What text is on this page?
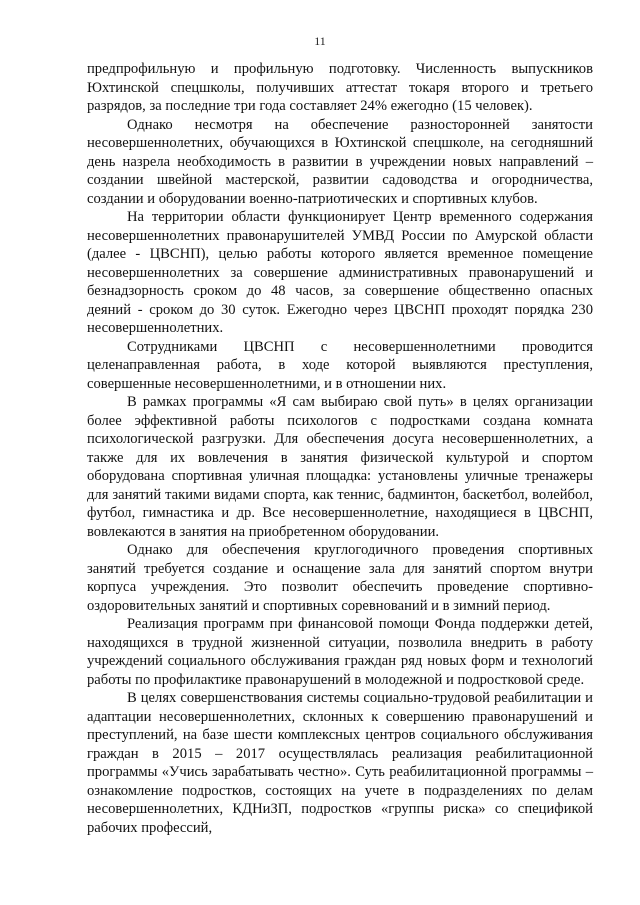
11

предпрофильную и профильную подготовку. Численность выпускников Юхтинской спецшколы, получивших аттестат токаря второго и третьего разрядов, за последние три года составляет 24% ежегодно (15 человек).

Однако несмотря на обеспечение разносторонней занятости несовершеннолетних, обучающихся в Юхтинской спецшколе, на сегодняшний день назрела необходимость в развитии в учреждении новых направлений – создании швейной мастерской, развитии садоводства и огородничества, создании и оборудовании военно-патриотических и спортивных клубов.

На территории области функционирует Центр временного содержания несовершеннолетних правонарушителей УМВД России по Амурской области (далее - ЦВСНП), целью работы которого является временное помещение несовершеннолетних за совершение административных правонарушений и безнадзорность сроком до 48 часов, за совершение общественно опасных деяний - сроком до 30 суток. Ежегодно через ЦВСНП проходят порядка 230 несовершеннолетних.

Сотрудниками ЦВСНП с несовершеннолетними проводится целенаправленная работа, в ходе которой выявляются преступления, совершенные несовершеннолетними, и в отношении них.

В рамках программы «Я сам выбираю свой путь» в целях организации более эффективной работы психологов с подростками создана комната психологической разгрузки. Для обеспечения досуга несовершеннолетних, а также для их вовлечения в занятия физической культурой и спортом оборудована спортивная уличная площадка: установлены уличные тренажеры для занятий такими видами спорта, как теннис, бадминтон, баскетбол, волейбол, футбол, гимнастика и др. Все несовершеннолетние, находящиеся в ЦВСНП, вовлекаются в занятия на приобретенном оборудовании.

Однако для обеспечения круглогодичного проведения спортивных занятий требуется создание и оснащение зала для занятий спортом внутри корпуса учреждения. Это позволит обеспечить проведение спортивно-оздоровительных занятий и спортивных соревнований и в зимний период.

Реализация программ при финансовой помощи Фонда поддержки детей, находящихся в трудной жизненной ситуации, позволила внедрить в работу учреждений социального обслуживания граждан ряд новых форм и технологий работы по профилактике правонарушений в молодежной и подростковой среде.

В целях совершенствования системы социально-трудовой реабилитации и адаптации несовершеннолетних, склонных к совершению правонарушений и преступлений, на базе шести комплексных центров социального обслуживания граждан в 2015 – 2017 осуществлялась реализация реабилитационной программы «Учись зарабатывать честно». Суть реабилитационной программы – ознакомление подростков, состоящих на учете в подразделениях по делам несовершеннолетних, КДНиЗП, подростков «группы риска» со спецификой рабочих профессий,
